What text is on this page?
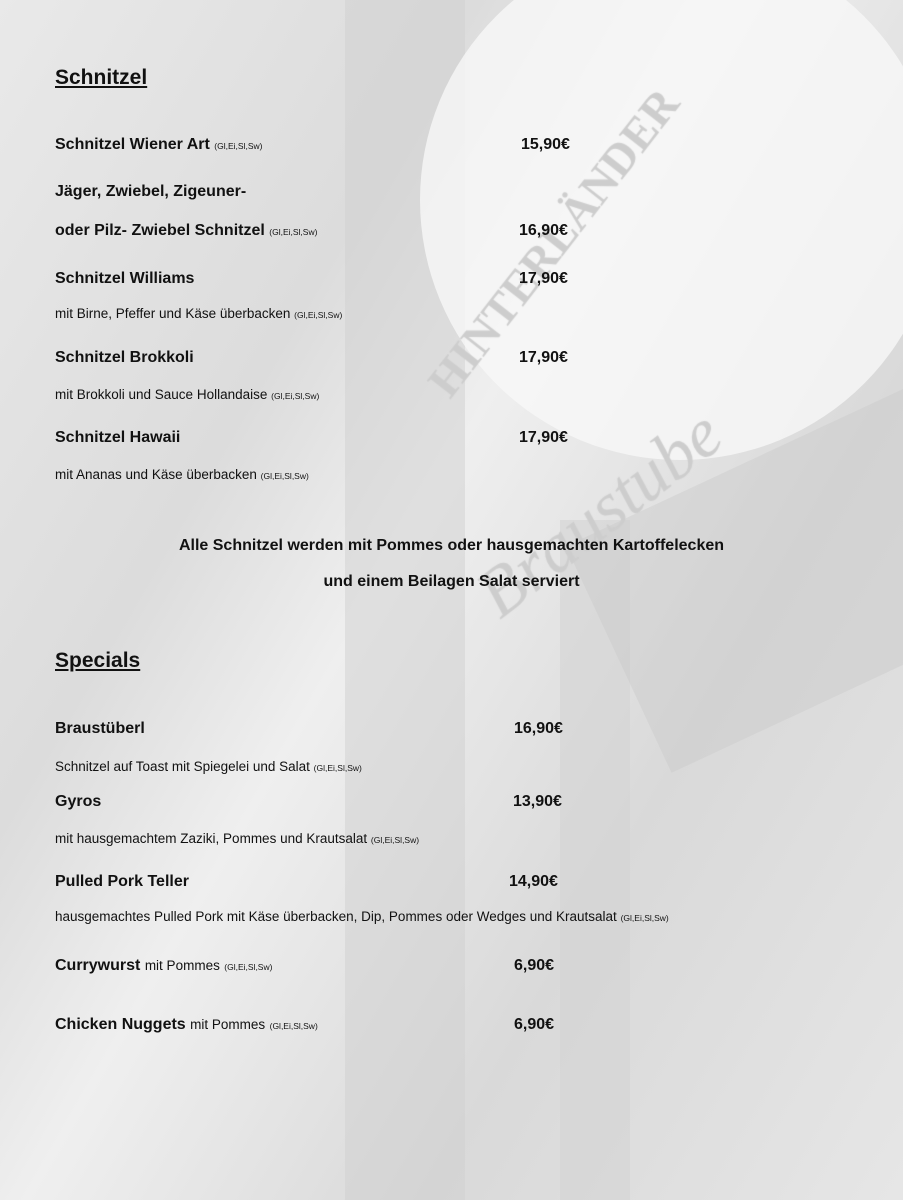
Schnitzel
Schnitzel Wiener Art (Gl,Ei,Sl,Sw)	15,90€
Jäger, Zwiebel, Zigeuner-
oder Pilz- Zwiebel Schnitzel (Gl,Ei,Sl,Sw)	16,90€
Schnitzel Williams	17,90€
mit Birne, Pfeffer und Käse überbacken (Gl,Ei,Sl,Sw)
Schnitzel Brokkoli	17,90€
mit Brokkoli und Sauce Hollandaise (Gl,Ei,Sl,Sw)
Schnitzel Hawaii	17,90€
mit Ananas und Käse überbacken (Gl,Ei,Sl,Sw)
Alle Schnitzel werden mit Pommes oder hausgemachten Kartoffelecken
und einem Beilagen Salat serviert
Specials
Braustüberl	16,90€
Schnitzel auf Toast mit Spiegelei und Salat (Gl,Ei,Sl,Sw)
Gyros	13,90€
mit hausgemachtem Zaziki, Pommes und Krautsalat (Gl,Ei,Sl,Sw)
Pulled Pork Teller	14,90€
hausgemachtes Pulled Pork mit Käse überbacken, Dip, Pommes oder Wedges und Krautsalat (Gl,Ei,Sl,Sw)
Currywurst mit Pommes (Gl,Ei,Sl,Sw)	6,90€
Chicken Nuggets mit Pommes (Gl,Ei,Sl,Sw)	6,90€
